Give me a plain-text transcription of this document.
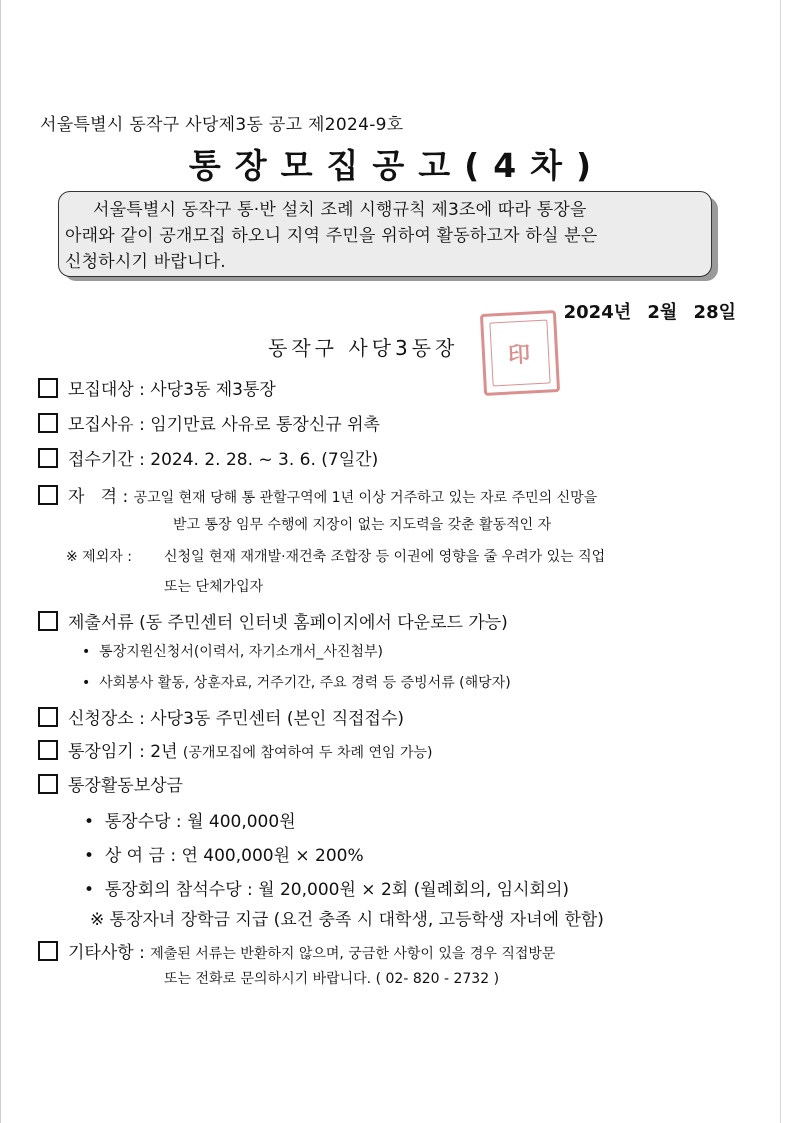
서울특별시 동작구 사당제3동 공고 제2024-9호
통장모집공고(4차)
서울특별시 동작구 통·반 설치 조례 시행규칙 제3조에 따라 통장을
아래와 같이 공개모집 하오니 지역 주민을 위하여 활동하고자 하실 분은
신청하시기 바랍니다.
2024년 2월 28일
동작구 사당3동장 印
모집대상 : 사당3동 제3통장
모집사유 : 임기만료 사유로 통장신규 위촉
접수기간 : 2024. 2. 28. ~ 3. 6. (7일간)
자   격 : 공고일 현재 당해 통 관할구역에 1년 이상 거주하고 있는 자로 주민의 신망을
받고 통장 임무 수행에 지장이 없는 지도력을 갖춘 활동적인 자
※ 제외자 : 신청일 현재 재개발·재건축 조합장 등 이권에 영향을 줄 우려가 있는 직업
또는 단체가입자
제출서류 (동 주민센터 인터넷 홈페이지에서 다운로드 가능)
•  통장지원신청서(이력서, 자기소개서_사진첨부)
•  사회봉사 활동, 상훈자료, 거주기간, 주요 경력 등 증빙서류 (해당자)
신청장소 : 사당3동 주민센터 (본인 직접접수)
통장임기 : 2년 (공개모집에 참여하여 두 차례 연임 가능)
통장활동보상금
•  통장수당 : 월 400,000원
•  상 여 금 : 연 400,000원 × 200%
•  통장회의 참석수당 : 월 20,000원 × 2회 (월례회의, 임시회의)
※ 통장자녀 장학금 지급 (요건 충족 시 대학생, 고등학생 자녀에 한함)
기타사항 : 제출된 서류는 반환하지 않으며, 궁금한 사항이 있을 경우 직접방문
또는 전화로 문의하시기 바랍니다. ( 02- 820 - 2732 )
